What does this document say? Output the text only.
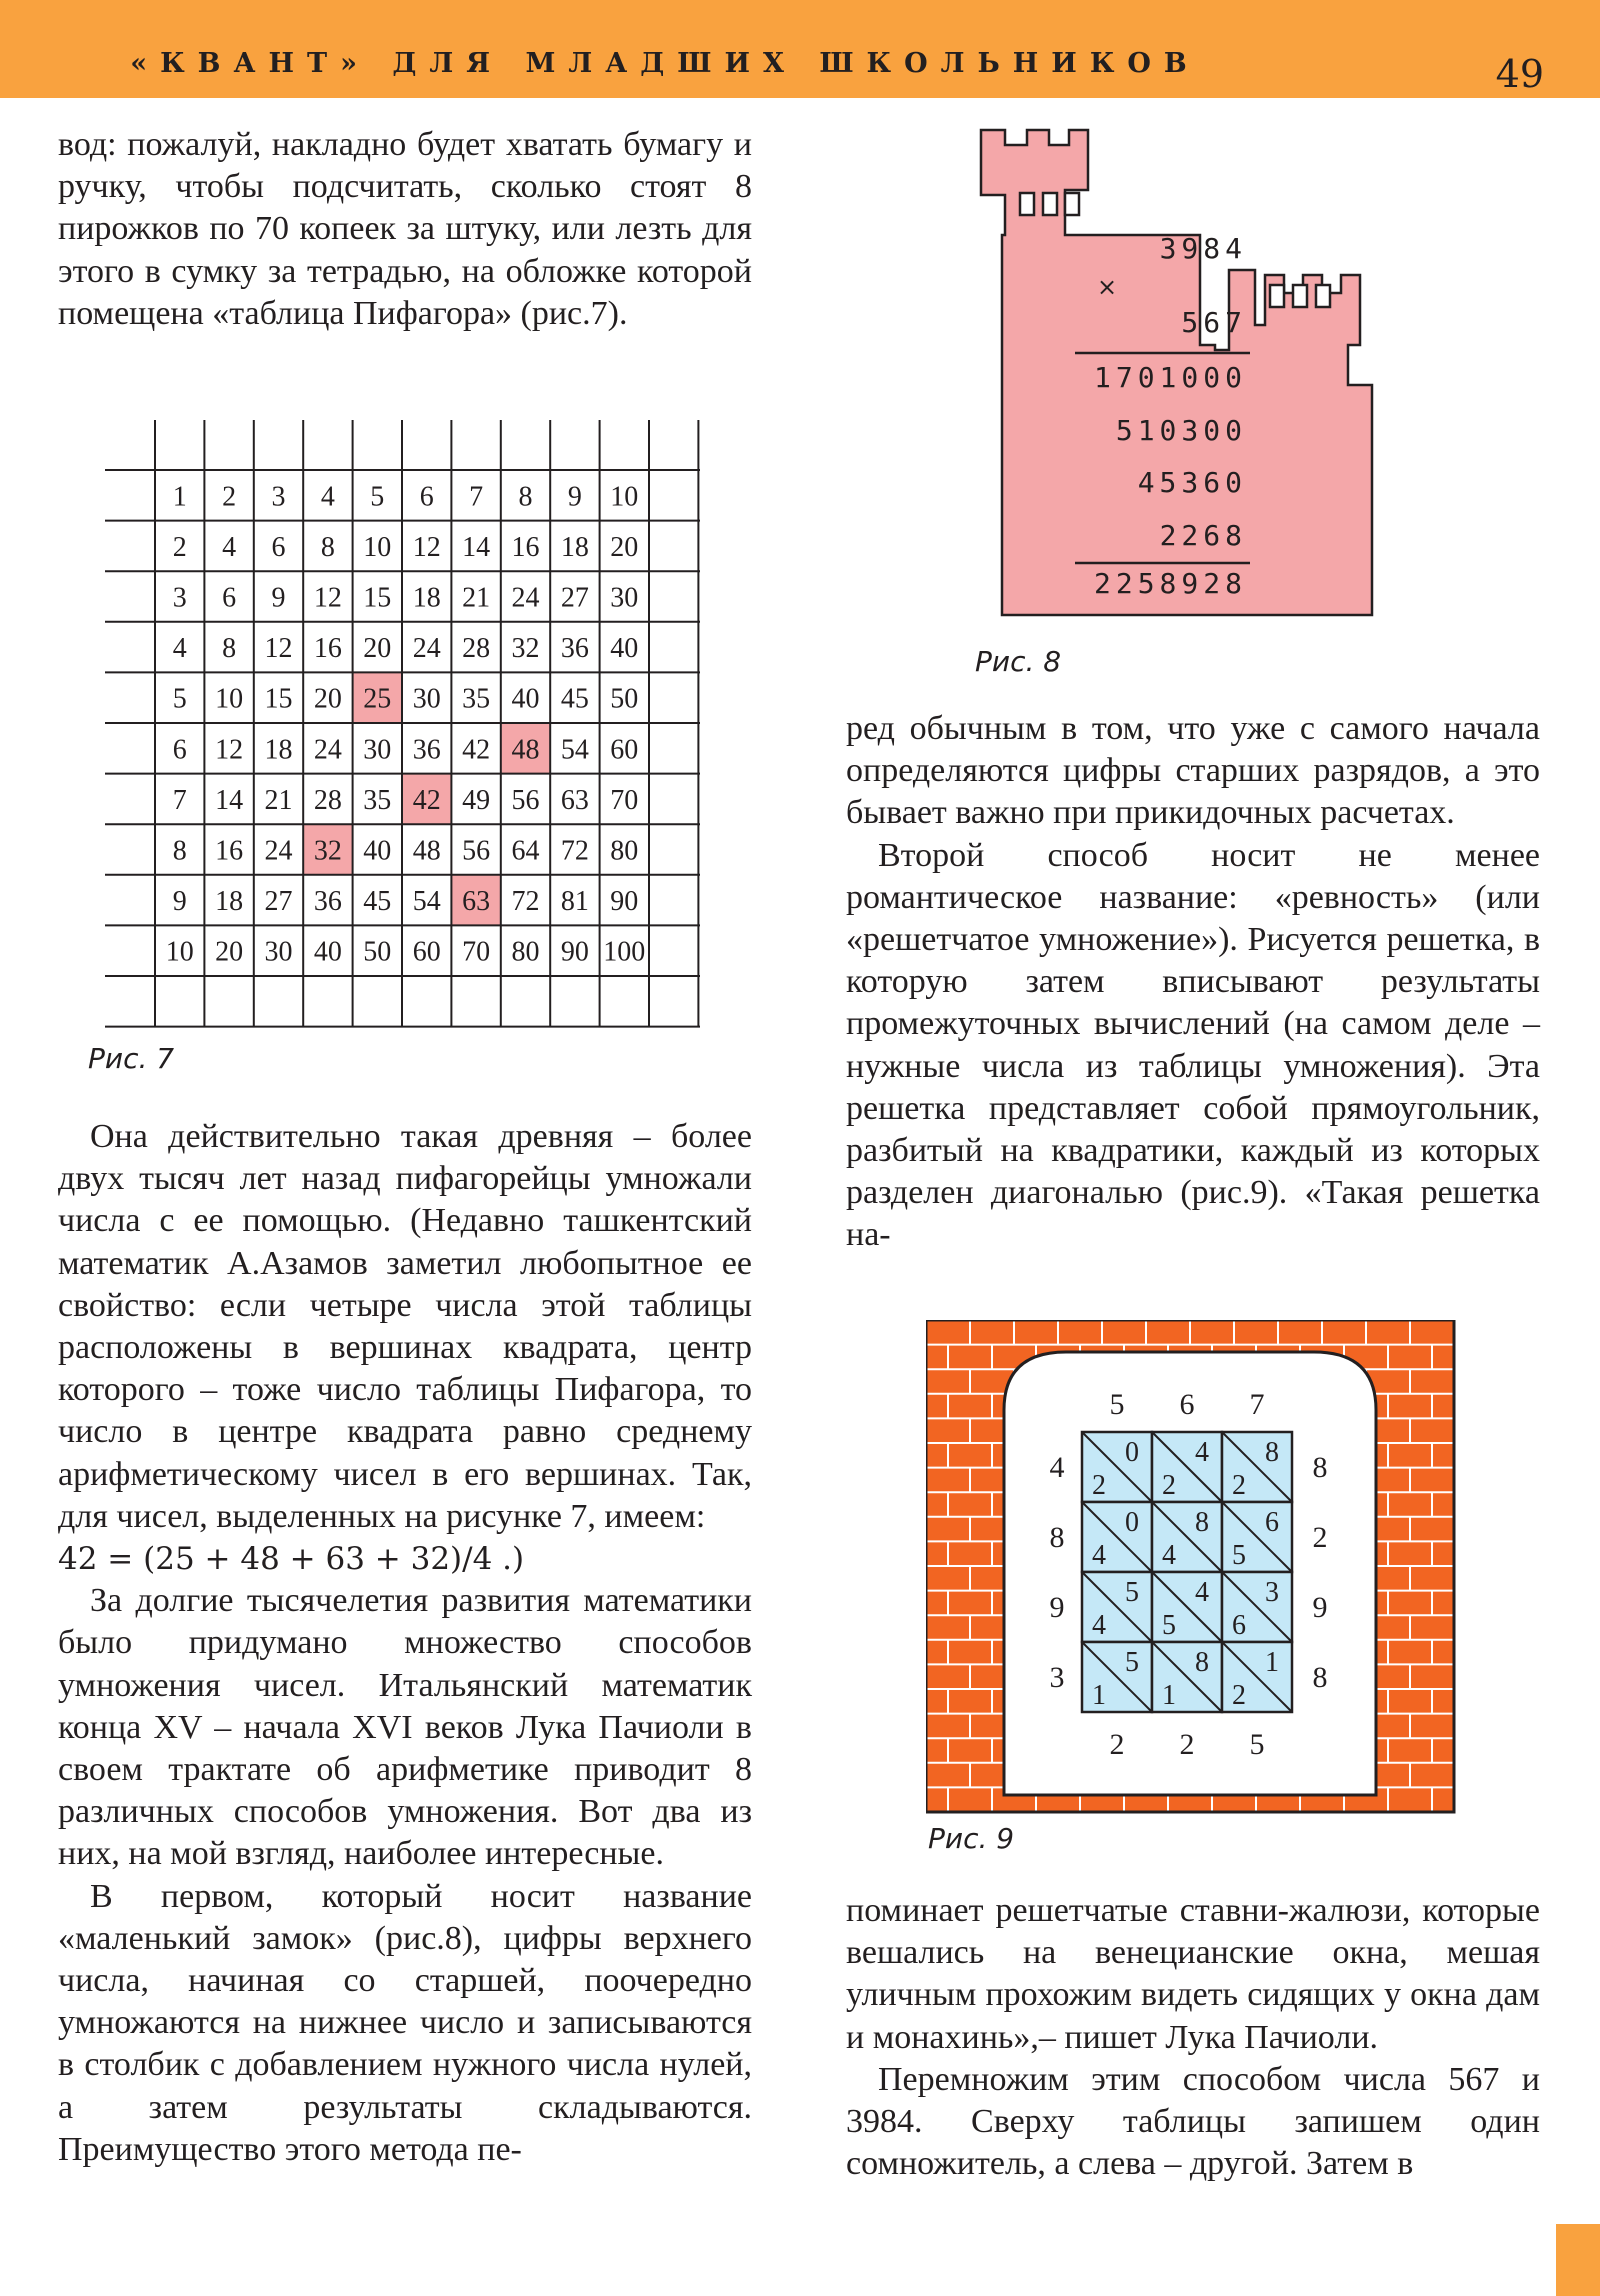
«КВАНТ» ДЛЯ МЛАДШИХ ШКОЛЬНИКОВ	49

вод: пожалуй, накладно будет хватать бумагу и ручку, чтобы подсчитать, сколько стоят 8 пирожков по 70 копеек за штуку, или лезть для этого в сумку за тетрадью, на обложке которой помещена «таблица Пифагора» (рис.7).

1 2 3 4 5 6 7 8 9 10
2 4 6 8 10 12 14 16 18 20
3 6 9 12 15 18 21 24 27 30
4 8 12 16 20 24 28 32 36 40
5 10 15 20 25 30 35 40 45 50
6 12 18 24 30 36 42 48 54 60
7 14 21 28 35 42 49 56 63 70
8 16 24 32 40 48 56 64 72 80
9 18 27 36 45 54 63 72 81 90
10 20 30 40 50 60 70 80 90 100
Рис. 7

Она действительно такая древняя – более двух тысяч лет назад пифагорейцы умножали числа с ее помощью. (Недавно ташкентский математик А.Азамов заметил любопытное ее свойство: если четыре числа этой таблицы расположены в вершинах квадрата, центр которого – тоже число таблицы Пифагора, то число в центре квадрата равно среднему арифметическому чисел в его вершинах. Так, для чисел, выделенных на рисунке 7, имеем:

42 = (25 + 48 + 63 + 32)/4 .)

За долгие тысячелетия развития математики было придумано множество способов умножения чисел. Итальянский математик конца XV – начала XVI веков Лука Пачиоли в своем трактате об арифметике приводит 8 различных способов умножения. Вот два из них, на мой взгляд, наиболее интересные.

В первом, который носит название «маленький замок» (рис.8), цифры верхнего числа, начиная со старшей, поочередно умножаются на нижнее число и записываются в столбик с добавлением нужного числа нулей, а затем результаты складываются. Преимущество этого метода пе-

3984
×
567
1701000
510300
45360
2268
2258928
Рис. 8

ред обычным в том, что уже с самого начала определяются цифры старших разрядов, а это бывает важно при прикидочных расчетах.

Второй способ носит не менее романтическое название: «ревность» (или «решетчатое умножение»). Рисуется решетка, в которую затем вписывают результаты промежуточных вычислений (на самом деле – нужные числа из таблицы умножения). Эта решетка представляет собой прямоугольник, разбитый на квадратики, каждый из которых разделен диагональю (рис.9). «Такая решетка на-

0
2
4
2
8
2
0
4
8
4
6
5
5
4
4
5
3
6
5
1
8
1
1
2
5 6 7
4
8
9
3
8
2
9
8
2 2 5
Рис. 9

поминает решетчатые ставни-жалюзи, которые вешались на венецианские окна, мешая уличным прохожим видеть сидящих у окна дам и монахинь»,– пишет Лука Пачиоли.

Перемножим этим способом числа 567 и 3984. Сверху таблицы запишем один сомножитель, а слева – другой. Затем в
